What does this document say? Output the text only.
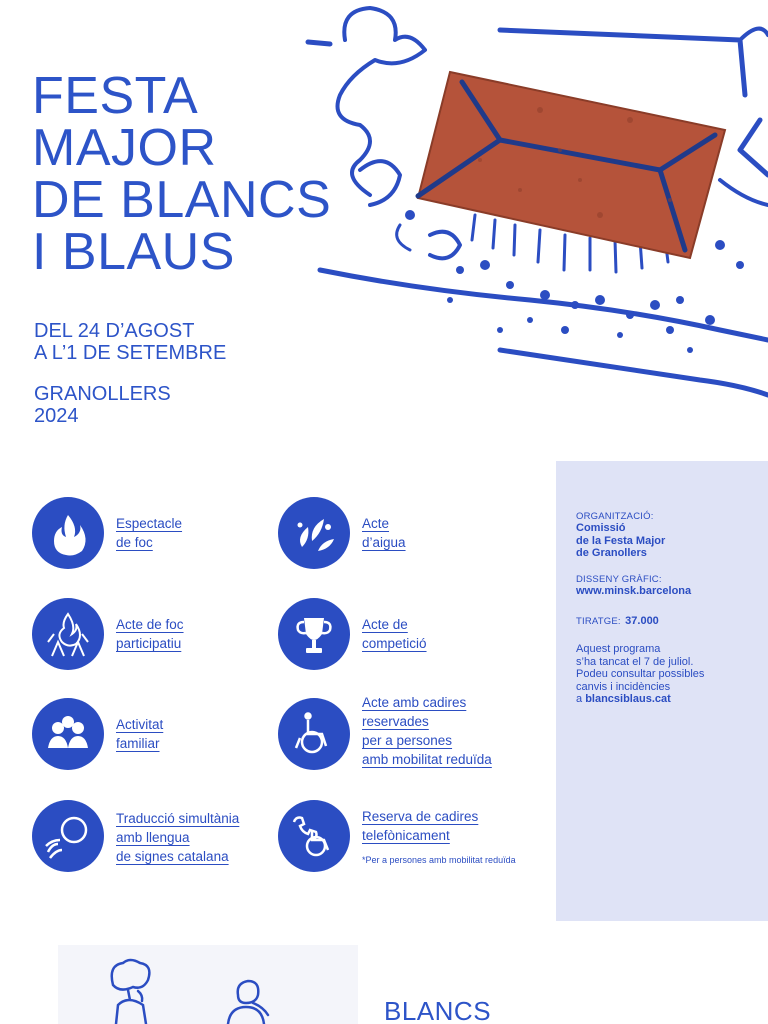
FESTA
MAJOR
DE BLANCS
I BLAUS
DEL 24 D’AGOST
A L’1 DE SETEMBRE
GRANOLLERS
2024
Espectacle
de foc
Acte
d’aigua
Acte de foc
participatiu
Acte de
competició
Activitat
familiar
Acte amb cadires
reservades
per a persones
amb mobilitat reduïda
Traducció simultània
amb llengua
de signes catalana
Reserva de cadires
telefònicament
*Per a persones amb mobilitat reduïda
ORGANITZACIÓ:
Comissió
de la Festa Major
de Granollers
DISSENY GRÀFIC:
www.minsk.barcelona
TIRATGE: 37.000
Aquest programa
s’ha tancat el 7 de juliol.
Podeu consultar possibles
canvis i incidències
a blancsiblaus.cat
BLANCS
